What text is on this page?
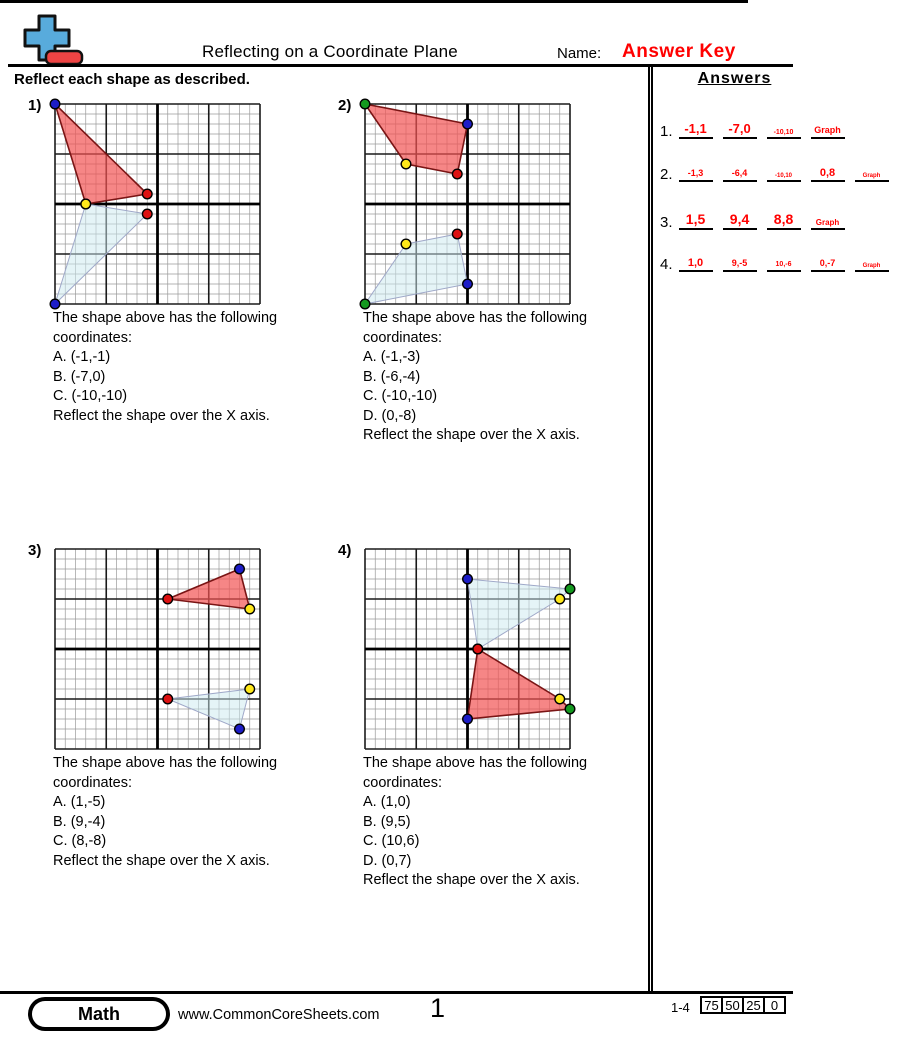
Reflecting on a Coordinate Plane	Name: Answer Key
Reflect each shape as described.	Answers
1. -1,1	-7,0	-10,10	Graph
2.	-1,3	-6,4	-10,10	0,8	Graph
3. 1,5	9,4	8,8	Graph
4.	1,0	9,-5	10,-6	0,-7	Graph
1)
The shape above has the following coordinates:
A. (-1,-1)
B. (-7,0)
C. (-10,-10)
Reflect the shape over the X axis.
2)
The shape above has the following coordinates:
A. (-1,-3)
B. (-6,-4)
C. (-10,-10)
D. (0,-8)
Reflect the shape over the X axis.
3)
The shape above has the following coordinates:
A. (1,-5)
B. (9,-4)
C. (8,-8)
Reflect the shape over the X axis.
4)
The shape above has the following coordinates:
A. (1,0)
B. (9,5)
C. (10,6)
D. (0,7)
Reflect the shape over the X axis.
Math	www.CommonCoreSheets.com 1	1-4	75 50 25 0
